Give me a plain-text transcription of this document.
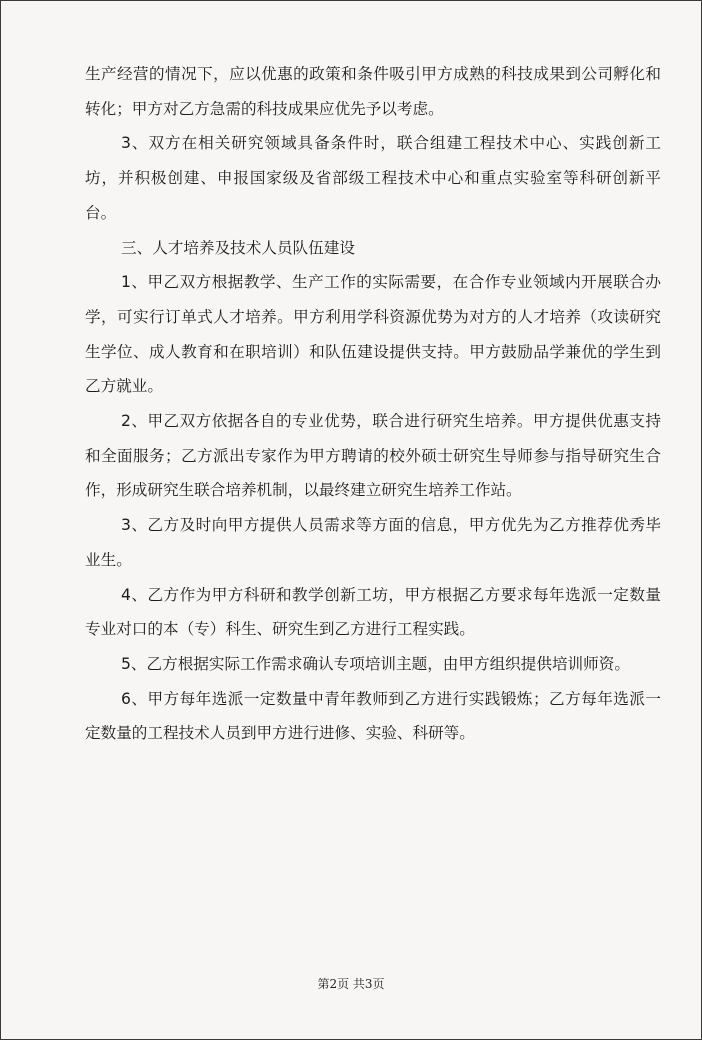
生产经营的情况下，应以优惠的政策和条件吸引甲方成熟的科技成果到公司孵化和转化；甲方对乙方急需的科技成果应优先予以考虑。

3、双方在相关研究领域具备条件时，联合组建工程技术中心、实践创新工坊，并积极创建、申报国家级及省部级工程技术中心和重点实验室等科研创新平台。

三、人才培养及技术人员队伍建设

1、甲乙双方根据教学、生产工作的实际需要，在合作专业领域内开展联合办学，可实行订单式人才培养。甲方利用学科资源优势为对方的人才培养（攻读研究生学位、成人教育和在职培训）和队伍建设提供支持。甲方鼓励品学兼优的学生到乙方就业。

2、甲乙双方依据各自的专业优势，联合进行研究生培养。甲方提供优惠支持和全面服务；乙方派出专家作为甲方聘请的校外硕士研究生导师参与指导研究生合作，形成研究生联合培养机制，以最终建立研究生培养工作站。

3、乙方及时向甲方提供人员需求等方面的信息，甲方优先为乙方推荐优秀毕业生。

4、乙方作为甲方科研和教学创新工坊，甲方根据乙方要求每年选派一定数量专业对口的本（专）科生、研究生到乙方进行工程实践。

5、乙方根据实际工作需求确认专项培训主题，由甲方组织提供培训师资。

6、甲方每年选派一定数量中青年教师到乙方进行实践锻炼；乙方每年选派一定数量的工程技术人员到甲方进行进修、实验、科研等。

第2页 共3页
